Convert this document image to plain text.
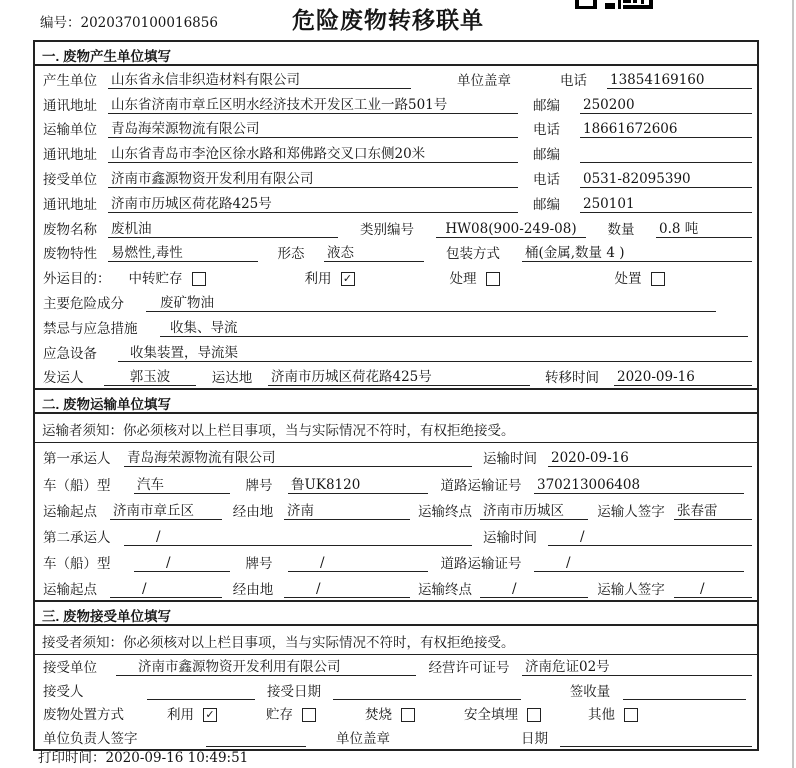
编号：2020370100016856	危险废物转移联单
一. 废物产生单位填写
产生单位	山东省永信非织造材料有限公司	单位盖章	电话	13854169160
通讯地址	山东省济南市章丘区明水经济技术开发区工业一路501号	邮编	250200
运输单位	青岛海荣源物流有限公司	电话	18661672606
通讯地址	山东省青岛市李沧区徐水路和郑佛路交叉口东侧20米	邮编
接受单位	济南市鑫源物资开发利用有限公司	电话	0531-82095390
通讯地址	济南市历城区荷花路425号	邮编	250101
废物名称	废机油	类别编号	HW08(900-249-08)	数量	0.8 吨
废物特性	易燃性,毒性	形态	液态	包装方式	桶(金属,数量 4 )
外运目的： 中转贮存	利用 ✓	处理	处置
主要危险成分	废矿物油
禁忌与应急措施	收集、导流
应急设备	收集装置，导流渠
发运人	郭玉波	运达地	济南市历城区荷花路425号	转移时间	2020-09-16
二. 废物运输单位填写
运输者须知：你必须核对以上栏目事项，当与实际情况不符时，有权拒绝接受。
第一承运人	青岛海荣源物流有限公司	运输时间	2020-09-16
车（船）型	汽车	牌号	鲁UK8120	道路运输证号	370213006408
运输起点	济南市章丘区	经由地	济南	运输终点 济南市历城区	运输人签字 张春雷
第二承运人	/	运输时间	/
车（船）型	/	牌号	/	道路运输证号	/
运输起点	/	经由地	/	运输终点	/	运输人签字	/
三. 废物接受单位填写
接受者须知：你必须核对以上栏目事项，当与实际情况不符时，有权拒绝接受。
接受单位	济南市鑫源物资开发利用有限公司	经营许可证号	济南危证02号
接受人	接受日期	签收量
废物处置方式	利用 ✓	贮存	焚烧	安全填埋	其他
单位负责人签字	单位盖章	日期
打印时间：2020-09-16 10:49:51
